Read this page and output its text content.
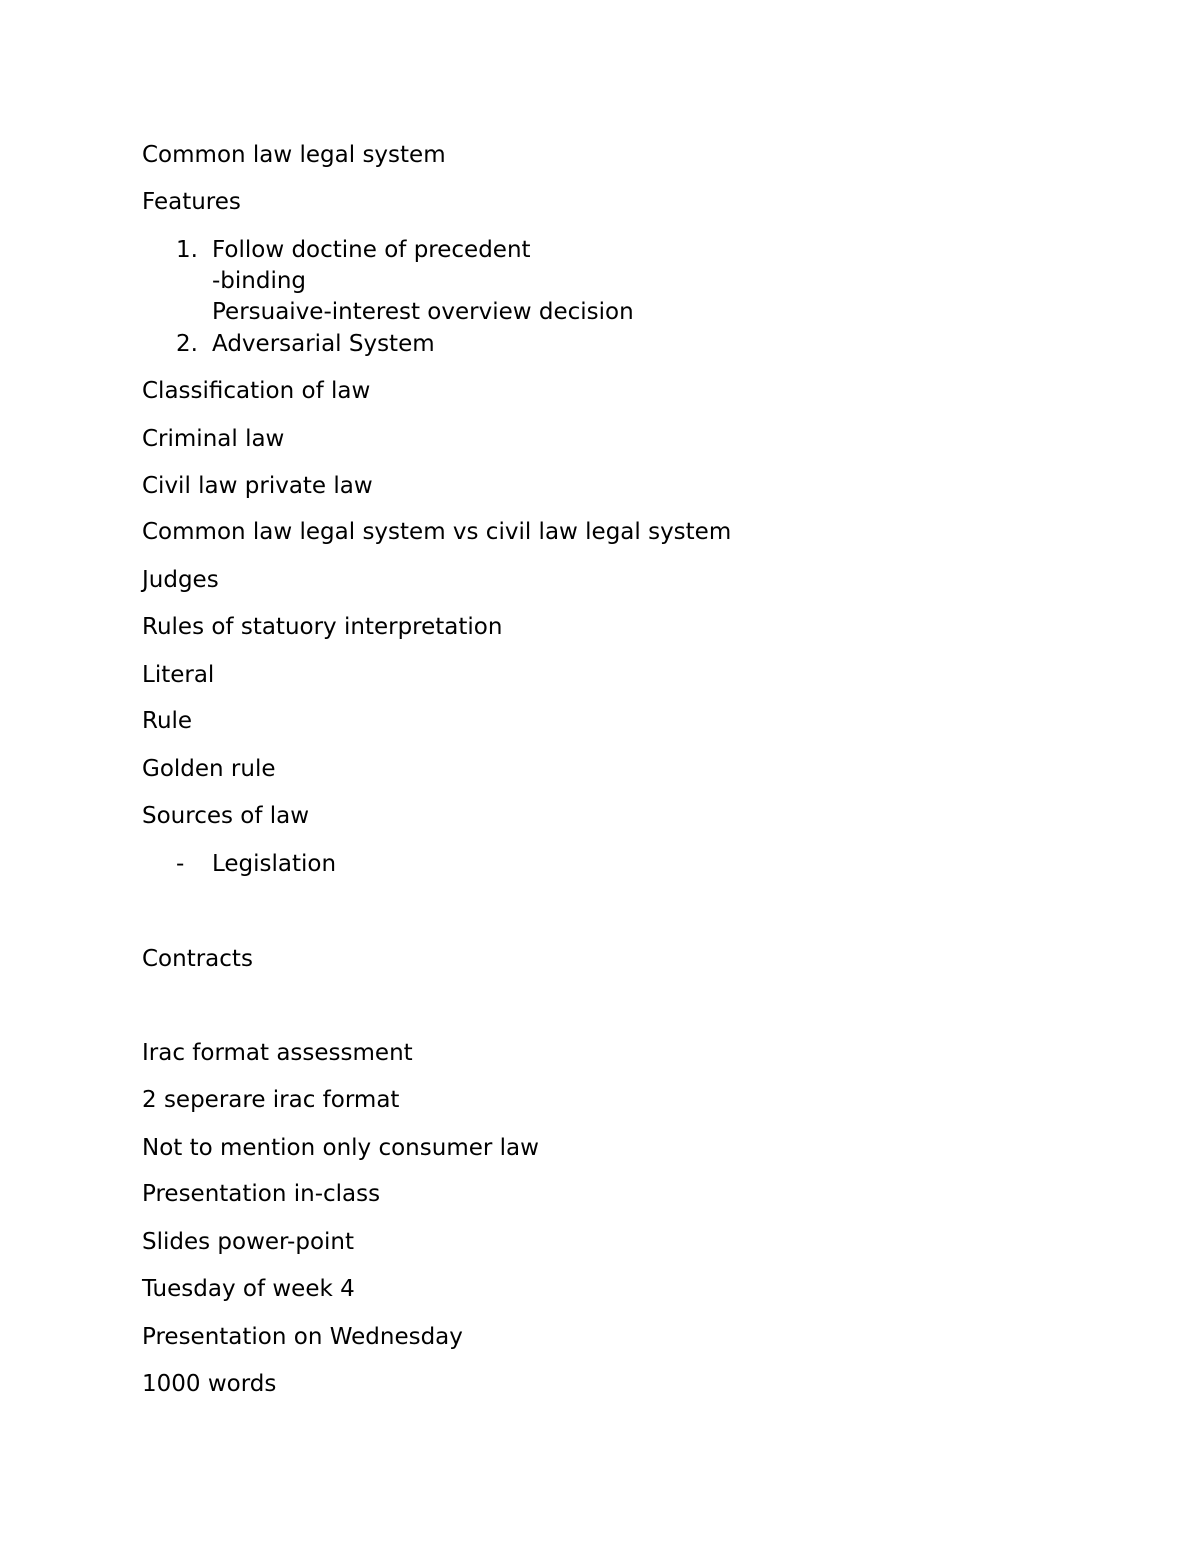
Common law legal system
Features
1. Follow doctine of precedent
-binding
Persuaive-interest overview decision
2. Adversarial System
Classification of law
Criminal law
Civil law private law
Common law legal system vs civil law legal system
Judges
Rules of statuory interpretation
Literal
Rule
Golden rule
Sources of law
- Legislation
Contracts
Irac format assessment
2 seperare irac format
Not to mention only consumer law
Presentation in-class
Slides power-point
Tuesday of week 4
Presentation on Wednesday
1000 words
